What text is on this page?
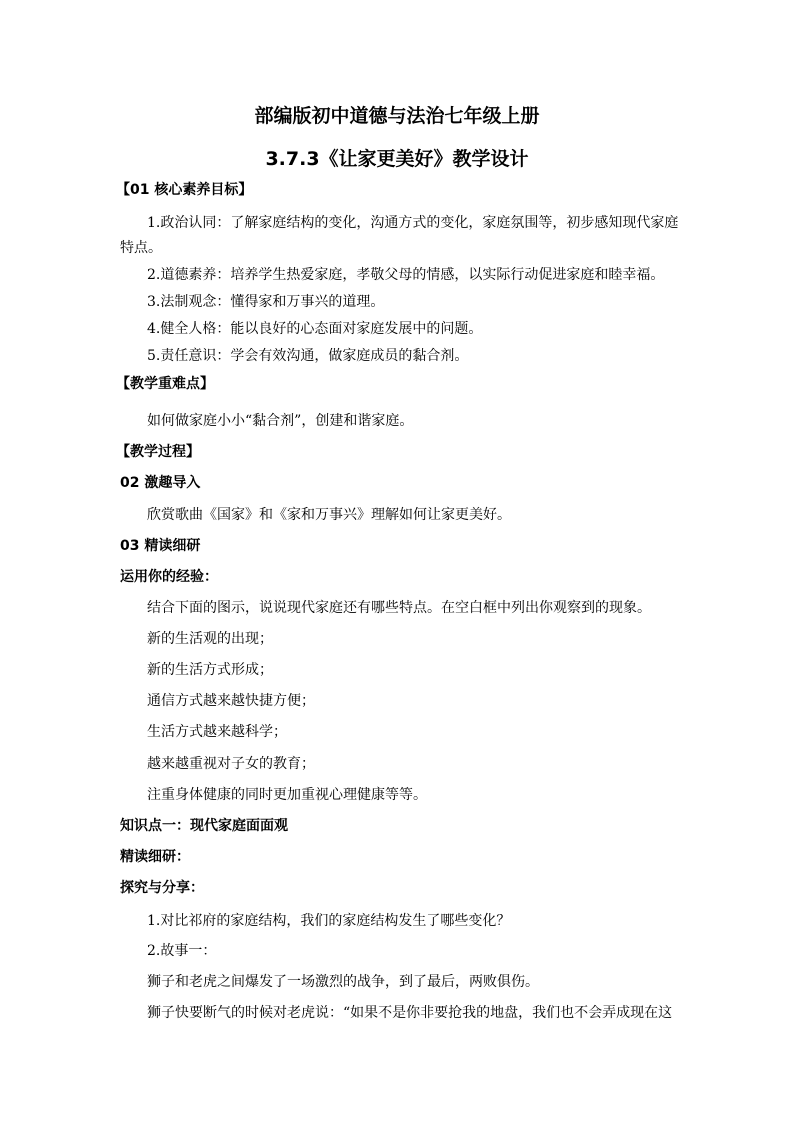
部编版初中道德与法治七年级上册
3.7.3《让家更美好》教学设计
【01 核心素养目标】
1.政治认同：了解家庭结构的变化，沟通方式的变化，家庭氛围等，初步感知现代家庭
特点。
2.道德素养：培养学生热爱家庭，孝敬父母的情感，以实际行动促进家庭和睦幸福。
3.法制观念：懂得家和万事兴的道理。
4.健全人格：能以良好的心态面对家庭发展中的问题。
5.责任意识：学会有效沟通，做家庭成员的黏合剂。
【教学重难点】
如何做家庭小小“黏合剂”，创建和谐家庭。
【教学过程】
02 激趣导入
欣赏歌曲《国家》和《家和万事兴》理解如何让家更美好。
03 精读细研
运用你的经验：
结合下面的图示，说说现代家庭还有哪些特点。在空白框中列出你观察到的现象。
新的生活观的出现；
新的生活方式形成；
通信方式越来越快捷方便；
生活方式越来越科学；
越来越重视对子女的教育；
注重身体健康的同时更加重视心理健康等等。
知识点一：现代家庭面面观
精读细研：
探究与分享：
1.对比祁府的家庭结构，我们的家庭结构发生了哪些变化？
2.故事一：
狮子和老虎之间爆发了一场激烈的战争，到了最后，两败俱伤。
狮子快要断气的时候对老虎说：“如果不是你非要抢我的地盘，我们也不会弄成现在这
